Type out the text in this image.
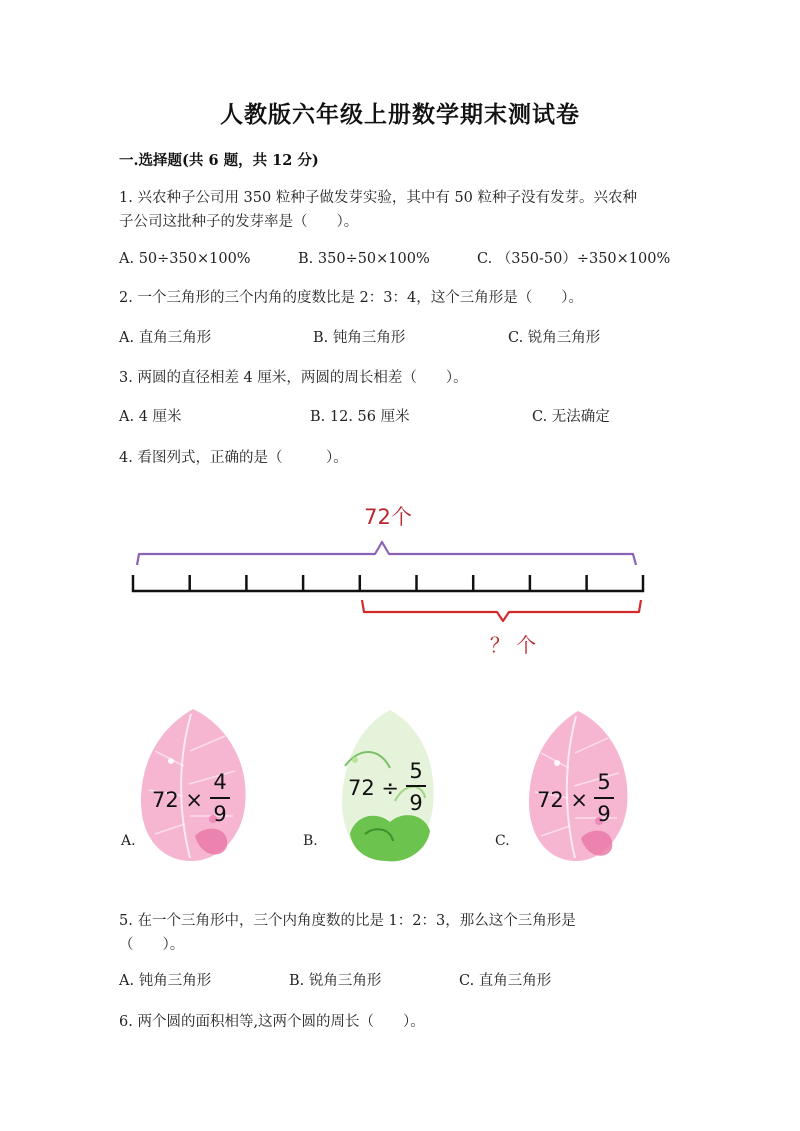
人教版六年级上册数学期末测试卷
一.选择题(共 6 题，共 12 分)
1. 兴农种子公司用 350 粒种子做发芽实验，其中有 50 粒种子没有发芽。兴农种
子公司这批种子的发芽率是（　　）。
A. 50÷350×100%	B. 350÷50×100%	C. （350-50）÷350×100%
2. 一个三角形的三个内角的度数比是 2：3：4，这个三角形是（　　）。
A. 直角三角形	B. 钝角三角形	C. 锐角三角形
3. 两圆的直径相差 4 厘米，两圆的周长相差（　　）。
A. 4 厘米	B. 12. 56 厘米	C. 无法确定
4. 看图列式，正确的是（　　　）。
72个
？ 个
72 ×
4
9
A.
72 ÷
5
9
B.
72 ×
5
9
C.
5. 在一个三角形中，三个内角度数的比是 1：2：3，那么这个三角形是
（　　）。
A. 钝角三角形	B. 锐角三角形	C. 直角三角形
6. 两个圆的面积相等,这两个圆的周长（　　）。
